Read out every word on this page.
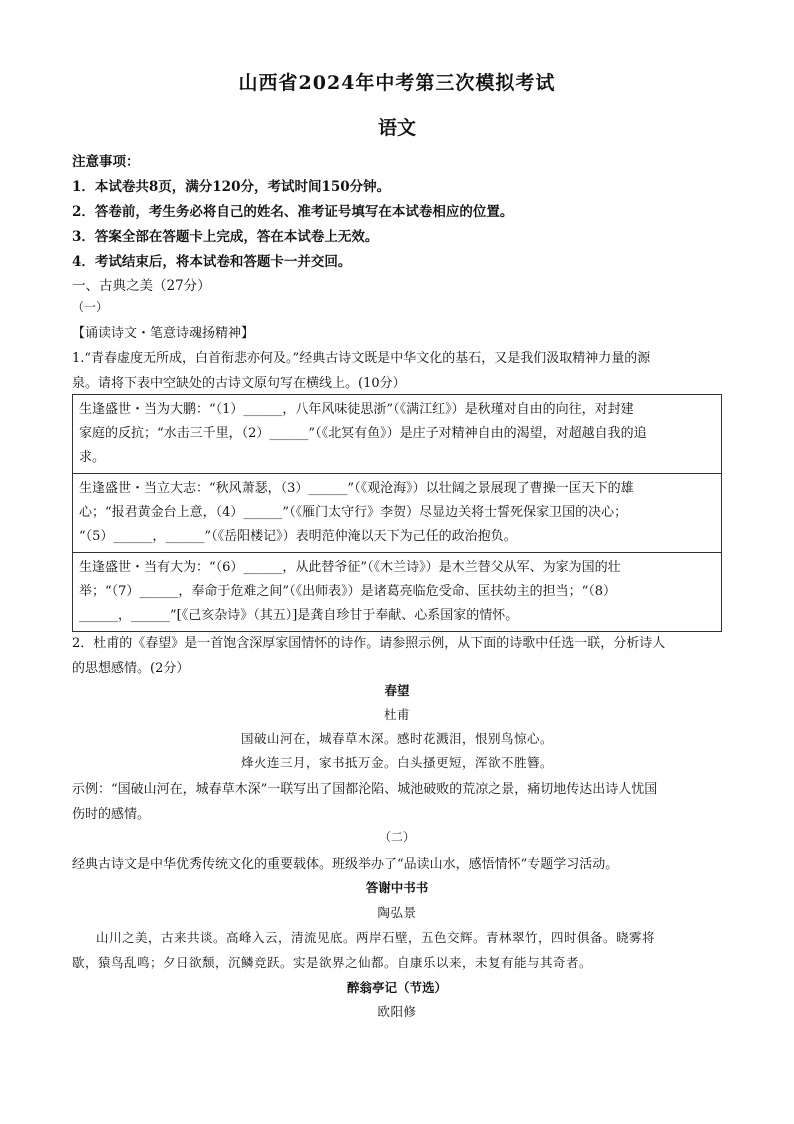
山西省2024年中考第三次模拟考试
语文
注意事项：
1．本试卷共8页，满分120分，考试时间150分钟。
2．答卷前，考生务必将自己的姓名、准考证号填写在本试卷相应的位置。
3．答案全部在答题卡上完成，答在本试卷上无效。
4．考试结束后，将本试卷和答题卡一并交回。
一、古典之美（27分）
（一）
【诵读诗文・笔意诗魂扬精神】
1.“青春虚度无所成，白首衔悲亦何及。”经典古诗文既是中华文化的基石，又是我们汲取精神力量的源
泉。请将下表中空缺处的古诗文原句写在横线上。(10分）
生逢盛世・当为大鹏：“（1）______，八年风味徒思浙”（《满江红》）是秋瑾对自由的向往，对封建
家庭的反抗；“水击三千里，（2）______”（《北冥有鱼》）是庄子对精神自由的渴望，对超越自我的追
求。

生逢盛世・当立大志：“秋风萧瑟，（3）______”（《观沧海》）以壮阔之景展现了曹操一匡天下的雄
心；“报君黄金台上意，（4）______”（《雁门太守行》李贺）尽显边关将士誓死保家卫国的决心；
“（5）______，______”（《岳阳楼记》）表明范仲淹以天下为己任的政治抱负。

生逢盛世・当有大为：“（6）______，从此替爷征”（《木兰诗》）是木兰替父从军、为家为国的壮
举；“（7）______，奉命于危难之间”（《出师表》）是诸葛亮临危受命、匡扶幼主的担当；“（8）
______，______”[《己亥杂诗》（其五）]是龚自珍甘于奉献、心系国家的情怀。
2．杜甫的《春望》是一首饱含深厚家国情怀的诗作。请参照示例，从下面的诗歌中任选一联，分析诗人
的思想感情。(2分）
春望
杜甫
国破山河在，城春草木深。感时花溅泪，恨别鸟惊心。
烽火连三月，家书抵万金。白头搔更短，浑欲不胜簪。
示例：“国破山河在，城春草木深”一联写出了国都沦陷、城池破败的荒凉之景，痛切地传达出诗人忧国
伤时的感情。
（二）
经典古诗文是中华优秀传统文化的重要载体。班级举办了“品读山水，感悟情怀”专题学习活动。
答谢中书书
陶弘景
山川之美，古来共谈。高峰入云，清流见底。两岸石壁，五色交辉。青林翠竹，四时俱备。晓雾将
歇，猿鸟乱鸣；夕日欲颓，沉鳞竞跃。实是欲界之仙都。自康乐以来，未复有能与其奇者。
醉翁亭记（节选）
欧阳修
